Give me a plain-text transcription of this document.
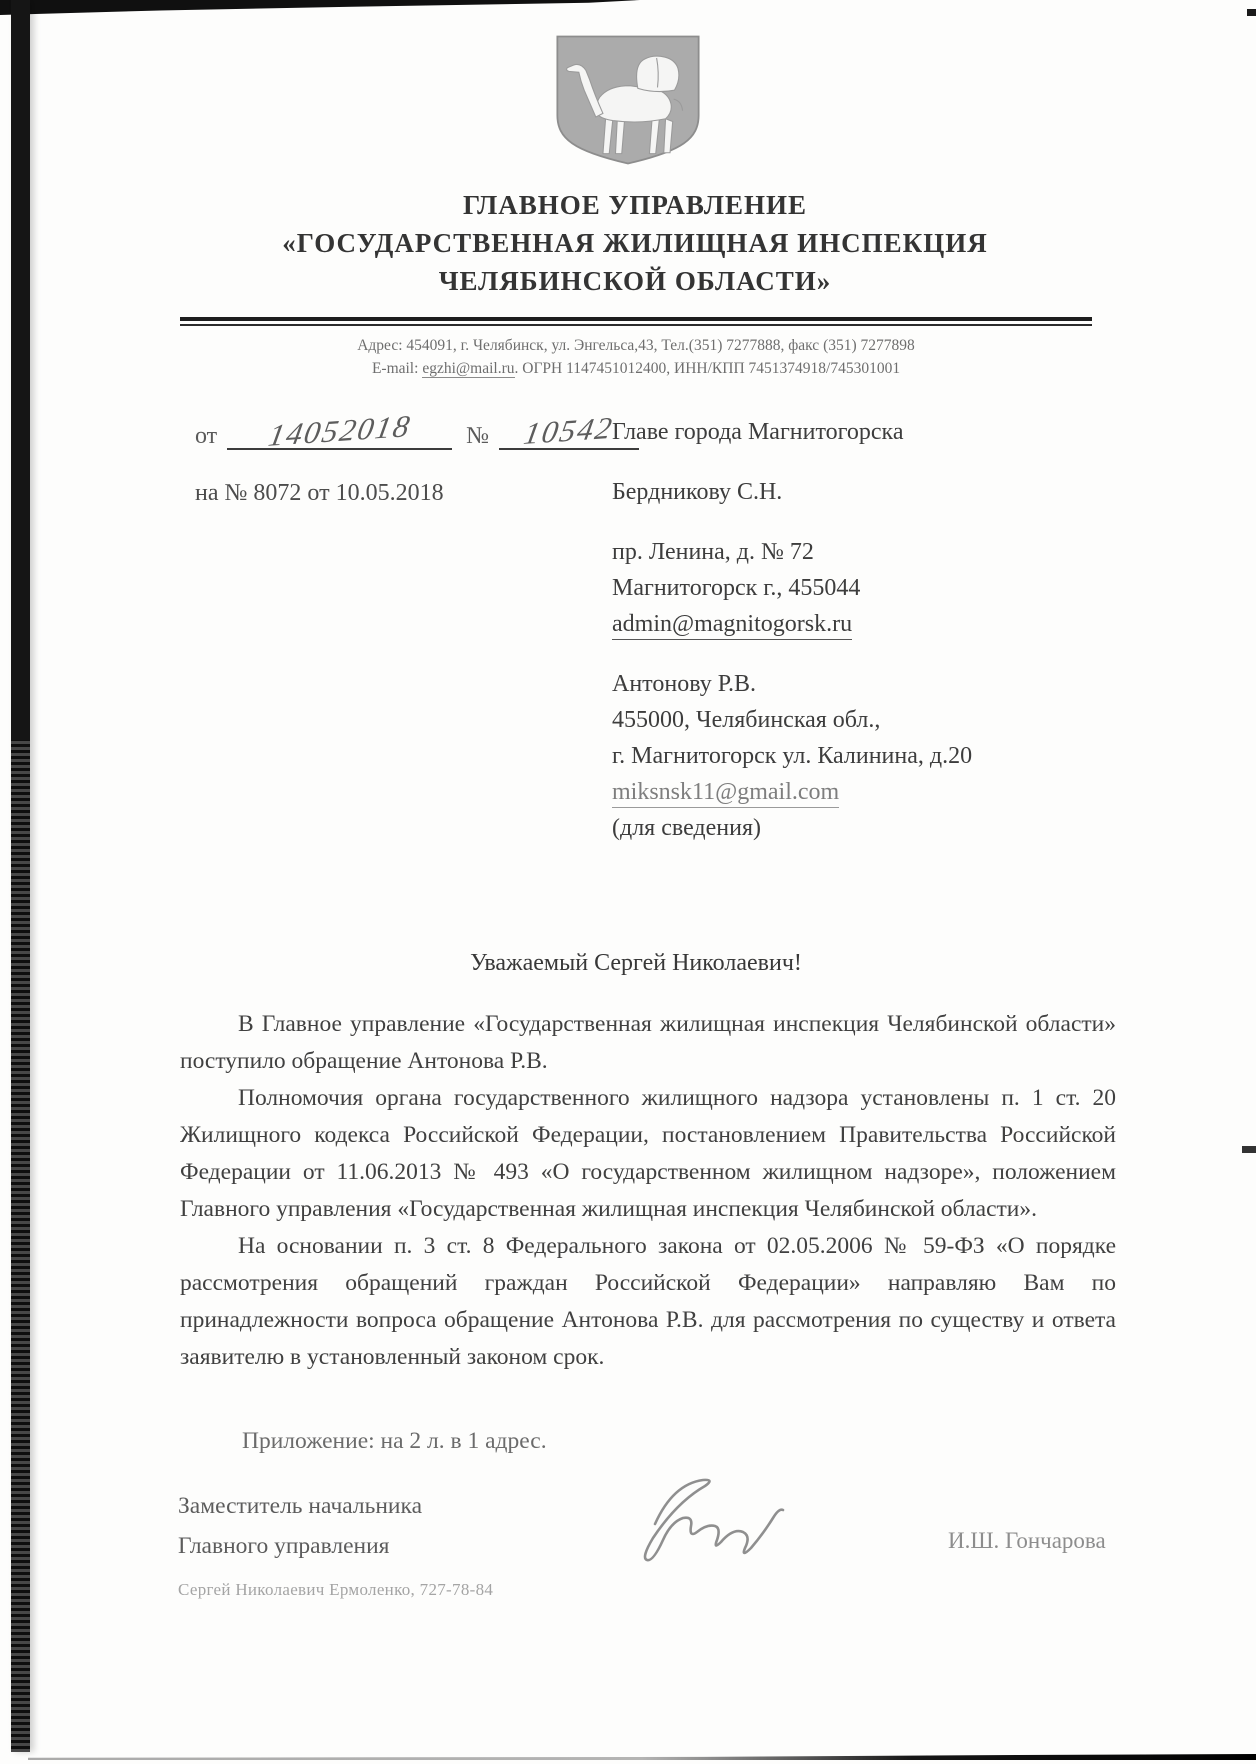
ГЛАВНОЕ УПРАВЛЕНИЕ
«ГОСУДАРСТВЕННАЯ ЖИЛИЩНАЯ ИНСПЕКЦИЯ
ЧЕЛЯБИНСКОЙ ОБЛАСТИ»
Адрес: 454091, г. Челябинск, ул. Энгельса,43, Тел.(351) 7277888, факс (351) 7277898
E-mail: egzhi@mail.ru. ОГРН 1147451012400, ИНН/КПП 7451374918/745301001
от 14052018 № 10542
на № 8072 от 10.05.2018
Главе города Магнитогорска
Бердникову С.Н.
пр. Ленина, д. № 72
Магнитогорск г., 455044
admin@magnitogorsk.ru
Антонову Р.В.
455000, Челябинская обл.,
г. Магнитогорск ул. Калинина, д.20
miksnsk11@gmail.com
(для сведения)
Уважаемый Сергей Николаевич!

В Главное управление «Государственная жилищная инспекция Челябинской области» поступило обращение Антонова Р.В.

Полномочия органа государственного жилищного надзора установлены п. 1 ст. 20 Жилищного кодекса Российской Федерации, постановлением Правительства Российской Федерации от 11.06.2013 № 493 «О государственном жилищном надзоре», положением Главного управления «Государственная жилищная инспекция Челябинской области».

На основании п. 3 ст. 8 Федерального закона от 02.05.2006 № 59-ФЗ «О порядке рассмотрения обращений граждан Российской Федерации» направляю Вам по принадлежности вопроса обращение Антонова Р.В. для рассмотрения по существу и ответа заявителю в установленный законом срок.

Приложение: на 2 л. в 1 адрес.
Заместитель начальника
Главного управления	И.Ш. Гончарова
Сергей Николаевич Ермоленко, 727-78-84
